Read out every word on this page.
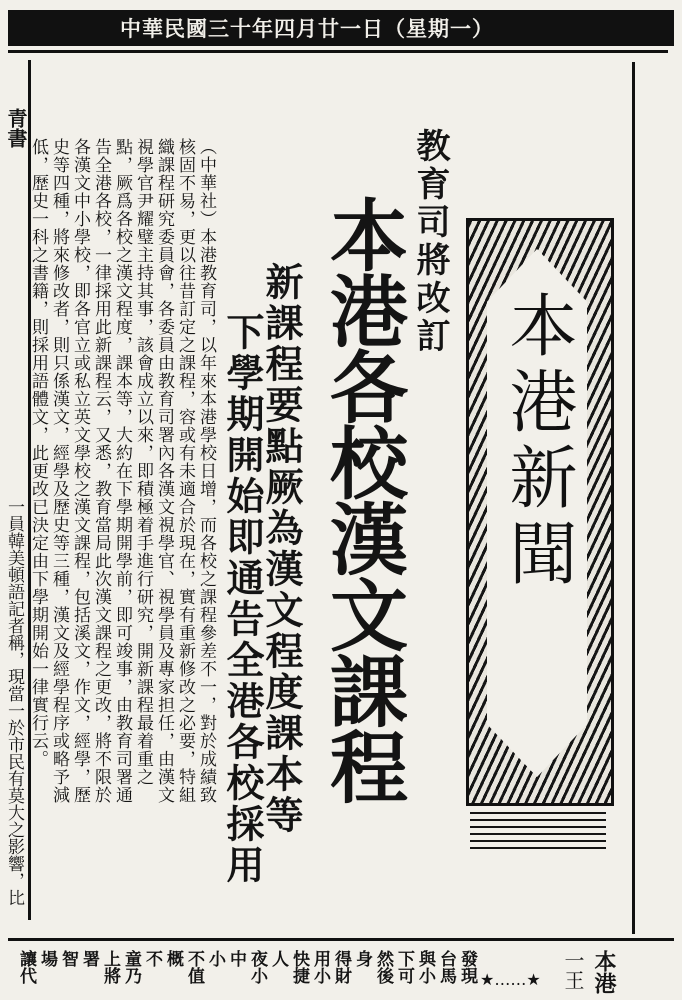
中華民國三十年四月廿一日（星期一）
青書
一員韓美頓語記者稱，現當一於市民有莫大之影響，比
教育司將改訂
本港各校漢文課程
新課程要點厥為漢文程度課本等
下學期開始即通告全港各校採用
（中華社）本港教育司，以年來本港學校日增，而各校之課程參差不一，對於成績致核固不易，更以往昔訂定之課程，容或有未適合於現在，實有重新修改之必要，特組織課程研究委員會，各委員由教育司署內各漢文視學官、視學員及專家担任，由漢文視學官尹耀璧主持其事，該會成立以來，即積極着手進行研究，開新課程最着重之點，厥爲各校之漢文程度，課本等，大約在下學期開學前，即可竣事，由教育司署通告全港各校，一律採用此新課程云，又悉，教育當局此次漢文課程之更改，將不限於各漢文中小學校，即各官立或私立英文學校之漢文課程，包括溪文，作文，經學，歷史等四種，將來修改者，則只係漢文，經學及歷史等三種，漢文及經學程序或略予減低，歷史一科之書籍，則採用語體文，此更改已決定由下學期開始一律實行云。	本港新聞
本港
一王
★……★
發現
台馬
與小
下可
然後
身
得財
用小
快捷
人
夜小
中
小
不值
概
不
童乃
上將
署
智
場
讓代
